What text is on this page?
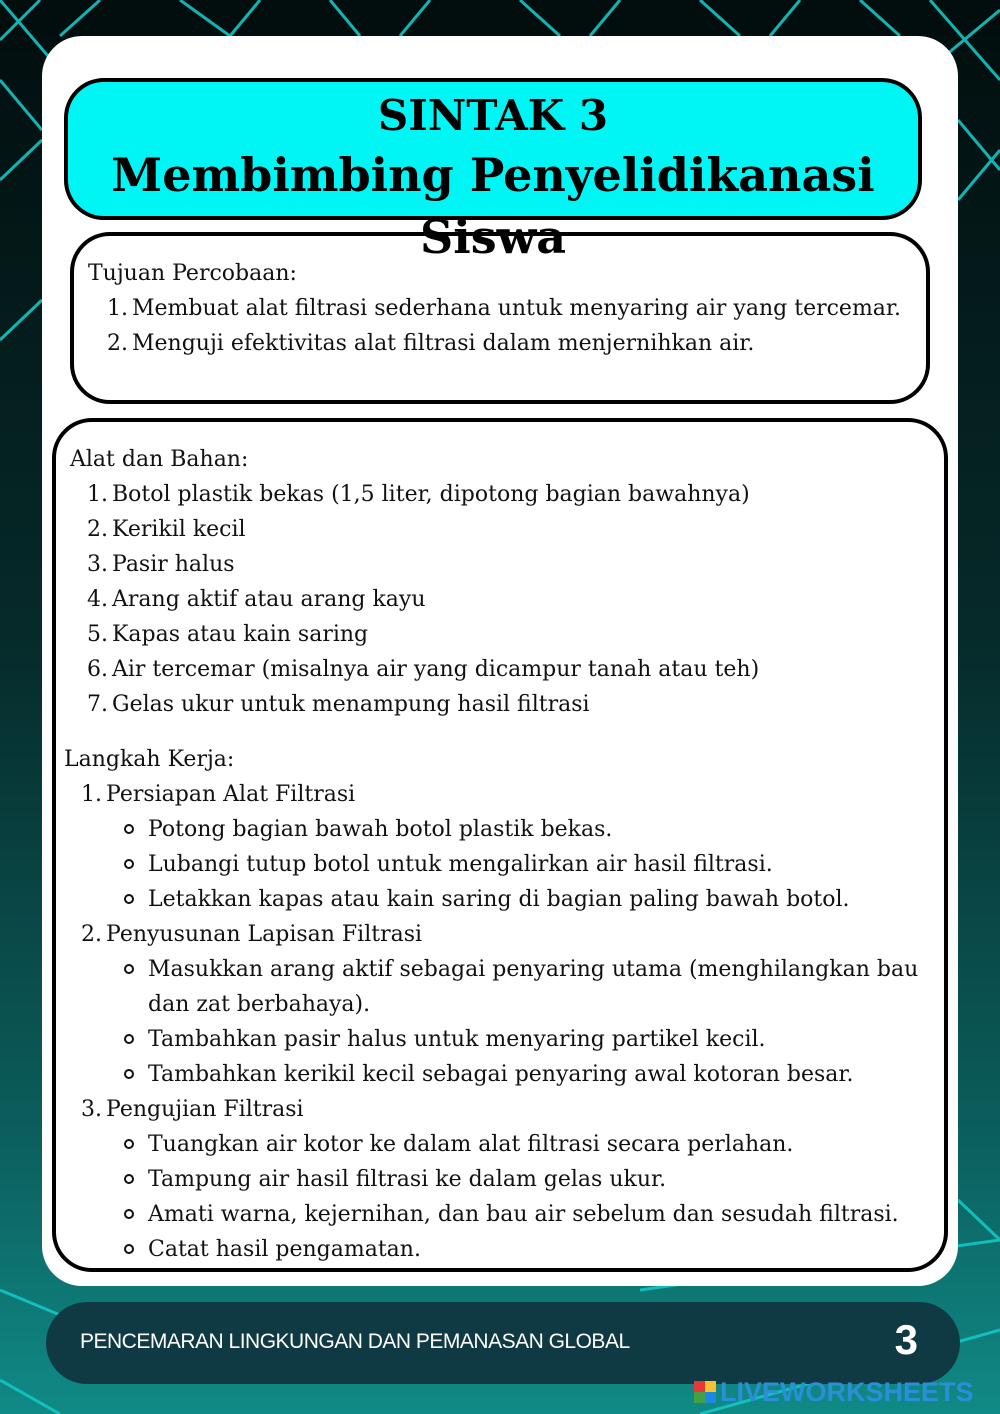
SINTAK 3
Membimbing Penyelidikanasi Siswa
Tujuan Percobaan:
1. Membuat alat filtrasi sederhana untuk menyaring air yang tercemar.
2. Menguji efektivitas alat filtrasi dalam menjernihkan air.
Alat dan Bahan:
1. Botol plastik bekas (1,5 liter, dipotong bagian bawahnya)
2. Kerikil kecil
3. Pasir halus
4. Arang aktif atau arang kayu
5. Kapas atau kain saring
6. Air tercemar (misalnya air yang dicampur tanah atau teh)
7. Gelas ukur untuk menampung hasil filtrasi
Langkah Kerja:
1. Persiapan Alat Filtrasi
Potong bagian bawah botol plastik bekas.
Lubangi tutup botol untuk mengalirkan air hasil filtrasi.
Letakkan kapas atau kain saring di bagian paling bawah botol.
2. Penyusunan Lapisan Filtrasi
Masukkan arang aktif sebagai penyaring utama (menghilangkan bau dan zat berbahaya).
Tambahkan pasir halus untuk menyaring partikel kecil.
Tambahkan kerikil kecil sebagai penyaring awal kotoran besar.
3. Pengujian Filtrasi
Tuangkan air kotor ke dalam alat filtrasi secara perlahan.
Tampung air hasil filtrasi ke dalam gelas ukur.
Amati warna, kejernihan, dan bau air sebelum dan sesudah filtrasi.
Catat hasil pengamatan.
PENCEMARAN LINGKUNGAN DAN PEMANASAN GLOBAL	3
LIVEWORKSHEETS
